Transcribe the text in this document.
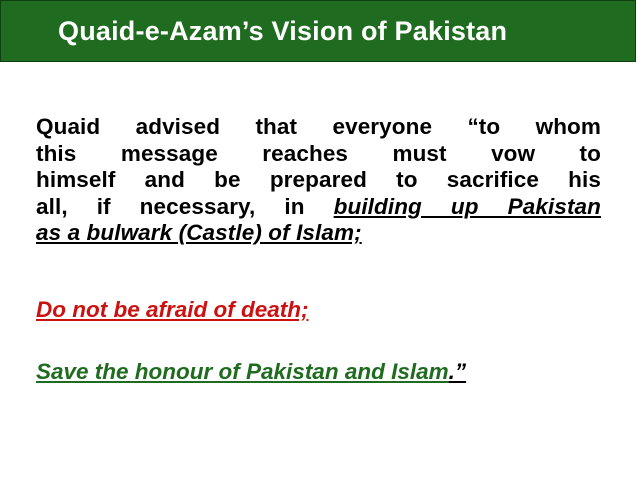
Quaid-e-Azam’s Vision of Pakistan
Quaid advised that everyone “to whom
this message reaches must vow to
himself and be prepared to sacrifice his
all, if necessary, in building up Pakistan
as a bulwark (Castle) of Islam;
Do not be afraid of death;
Save the honour of Pakistan and Islam.”
